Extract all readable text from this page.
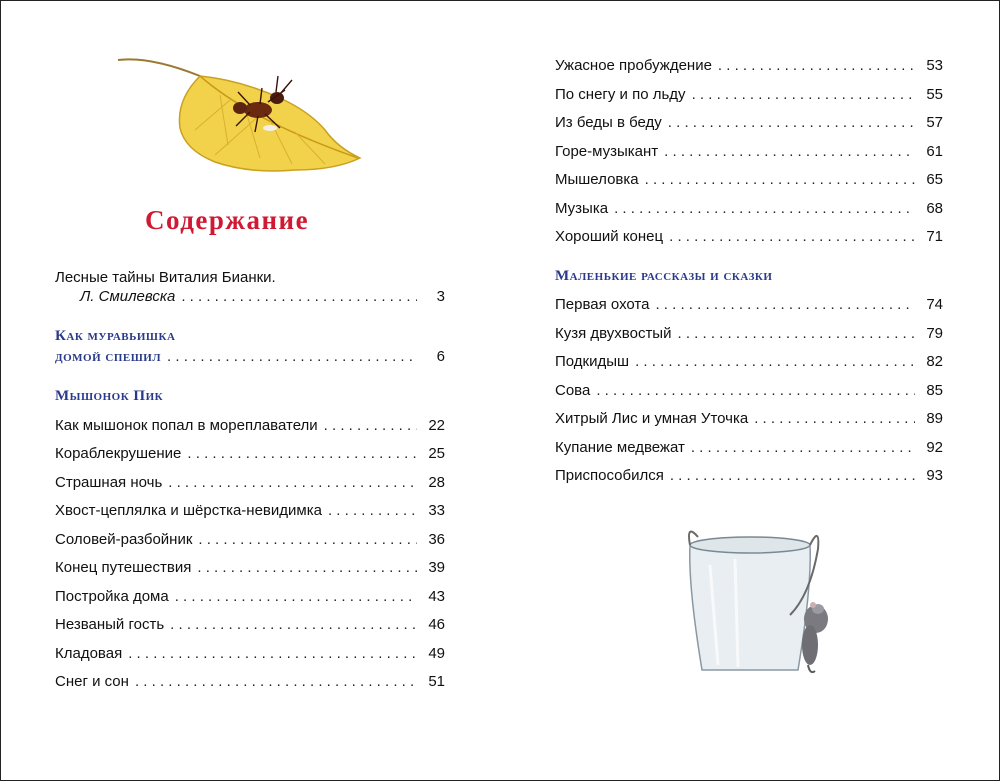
Содержание
Лесные тайны Виталия Бианки.
Л. Смилевска . . .	3
Как муравьишка
домой спешил . . .	6
Мышонок Пик
Как мышонок попал в мореплаватели . . .	22
Кораблекрушение . . .	25
Страшная ночь . . .	28
Хвост-цеплялка и шёрстка-невидимка . . .	33
Соловей-разбойник . . .	36
Конец путешествия . . .	39
Постройка дома . . .	43
Незваный гость . . .	46
Кладовая . . .	49
Снег и сон . . .	51
Ужасное пробуждение . . .	53
По снегу и по льду . . .	55
Из беды в беду . . .	57
Горе-музыкант . . .	61
Мышеловка . . .	65
Музыка . . .	68
Хороший конец . . .	71
Маленькие рассказы и сказки
Первая охота . . .	74
Кузя двухвостый . . .	79
Подкидыш . . .	82
Сова . . .	85
Хитрый Лис и умная Уточка . . .	89
Купание медвежат . . .	92
Приспособился . . .	93
